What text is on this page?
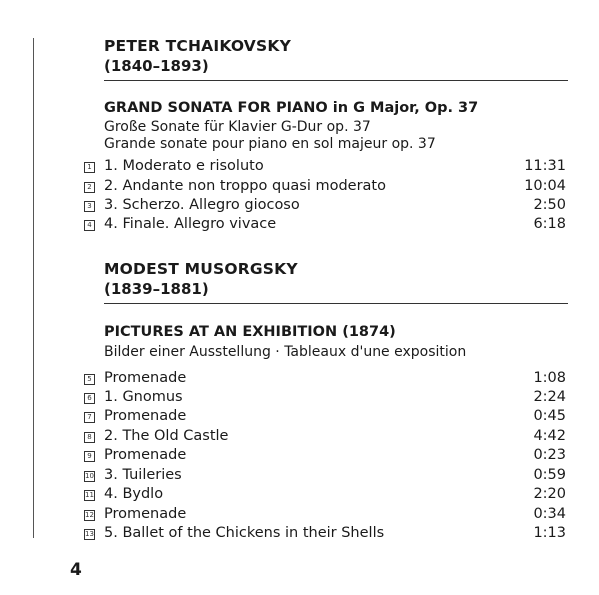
PETER TCHAIKOVSKY
(1840–1893)
GRAND SONATA FOR PIANO in G Major, Op. 37
Große Sonate für Klavier G-Dur op. 37
Grande sonate pour piano en sol majeur op. 37
1 1. Moderato e risoluto	11:31
2 2. Andante non troppo quasi moderato	10:04
3 3. Scherzo. Allegro giocoso	2:50
4 4. Finale. Allegro vivace	6:18
MODEST MUSORGSKY
(1839–1881)
PICTURES AT AN EXHIBITION (1874)
Bilder einer Ausstellung · Tableaux d'une exposition
5 Promenade	1:08
6 1. Gnomus	2:24
7 Promenade	0:45
8 2. The Old Castle	4:42
9 Promenade	0:23
10 3. Tuileries	0:59
11 4. Bydlo	2:20
12 Promenade	0:34
13 5. Ballet of the Chickens in their Shells	1:13
4
